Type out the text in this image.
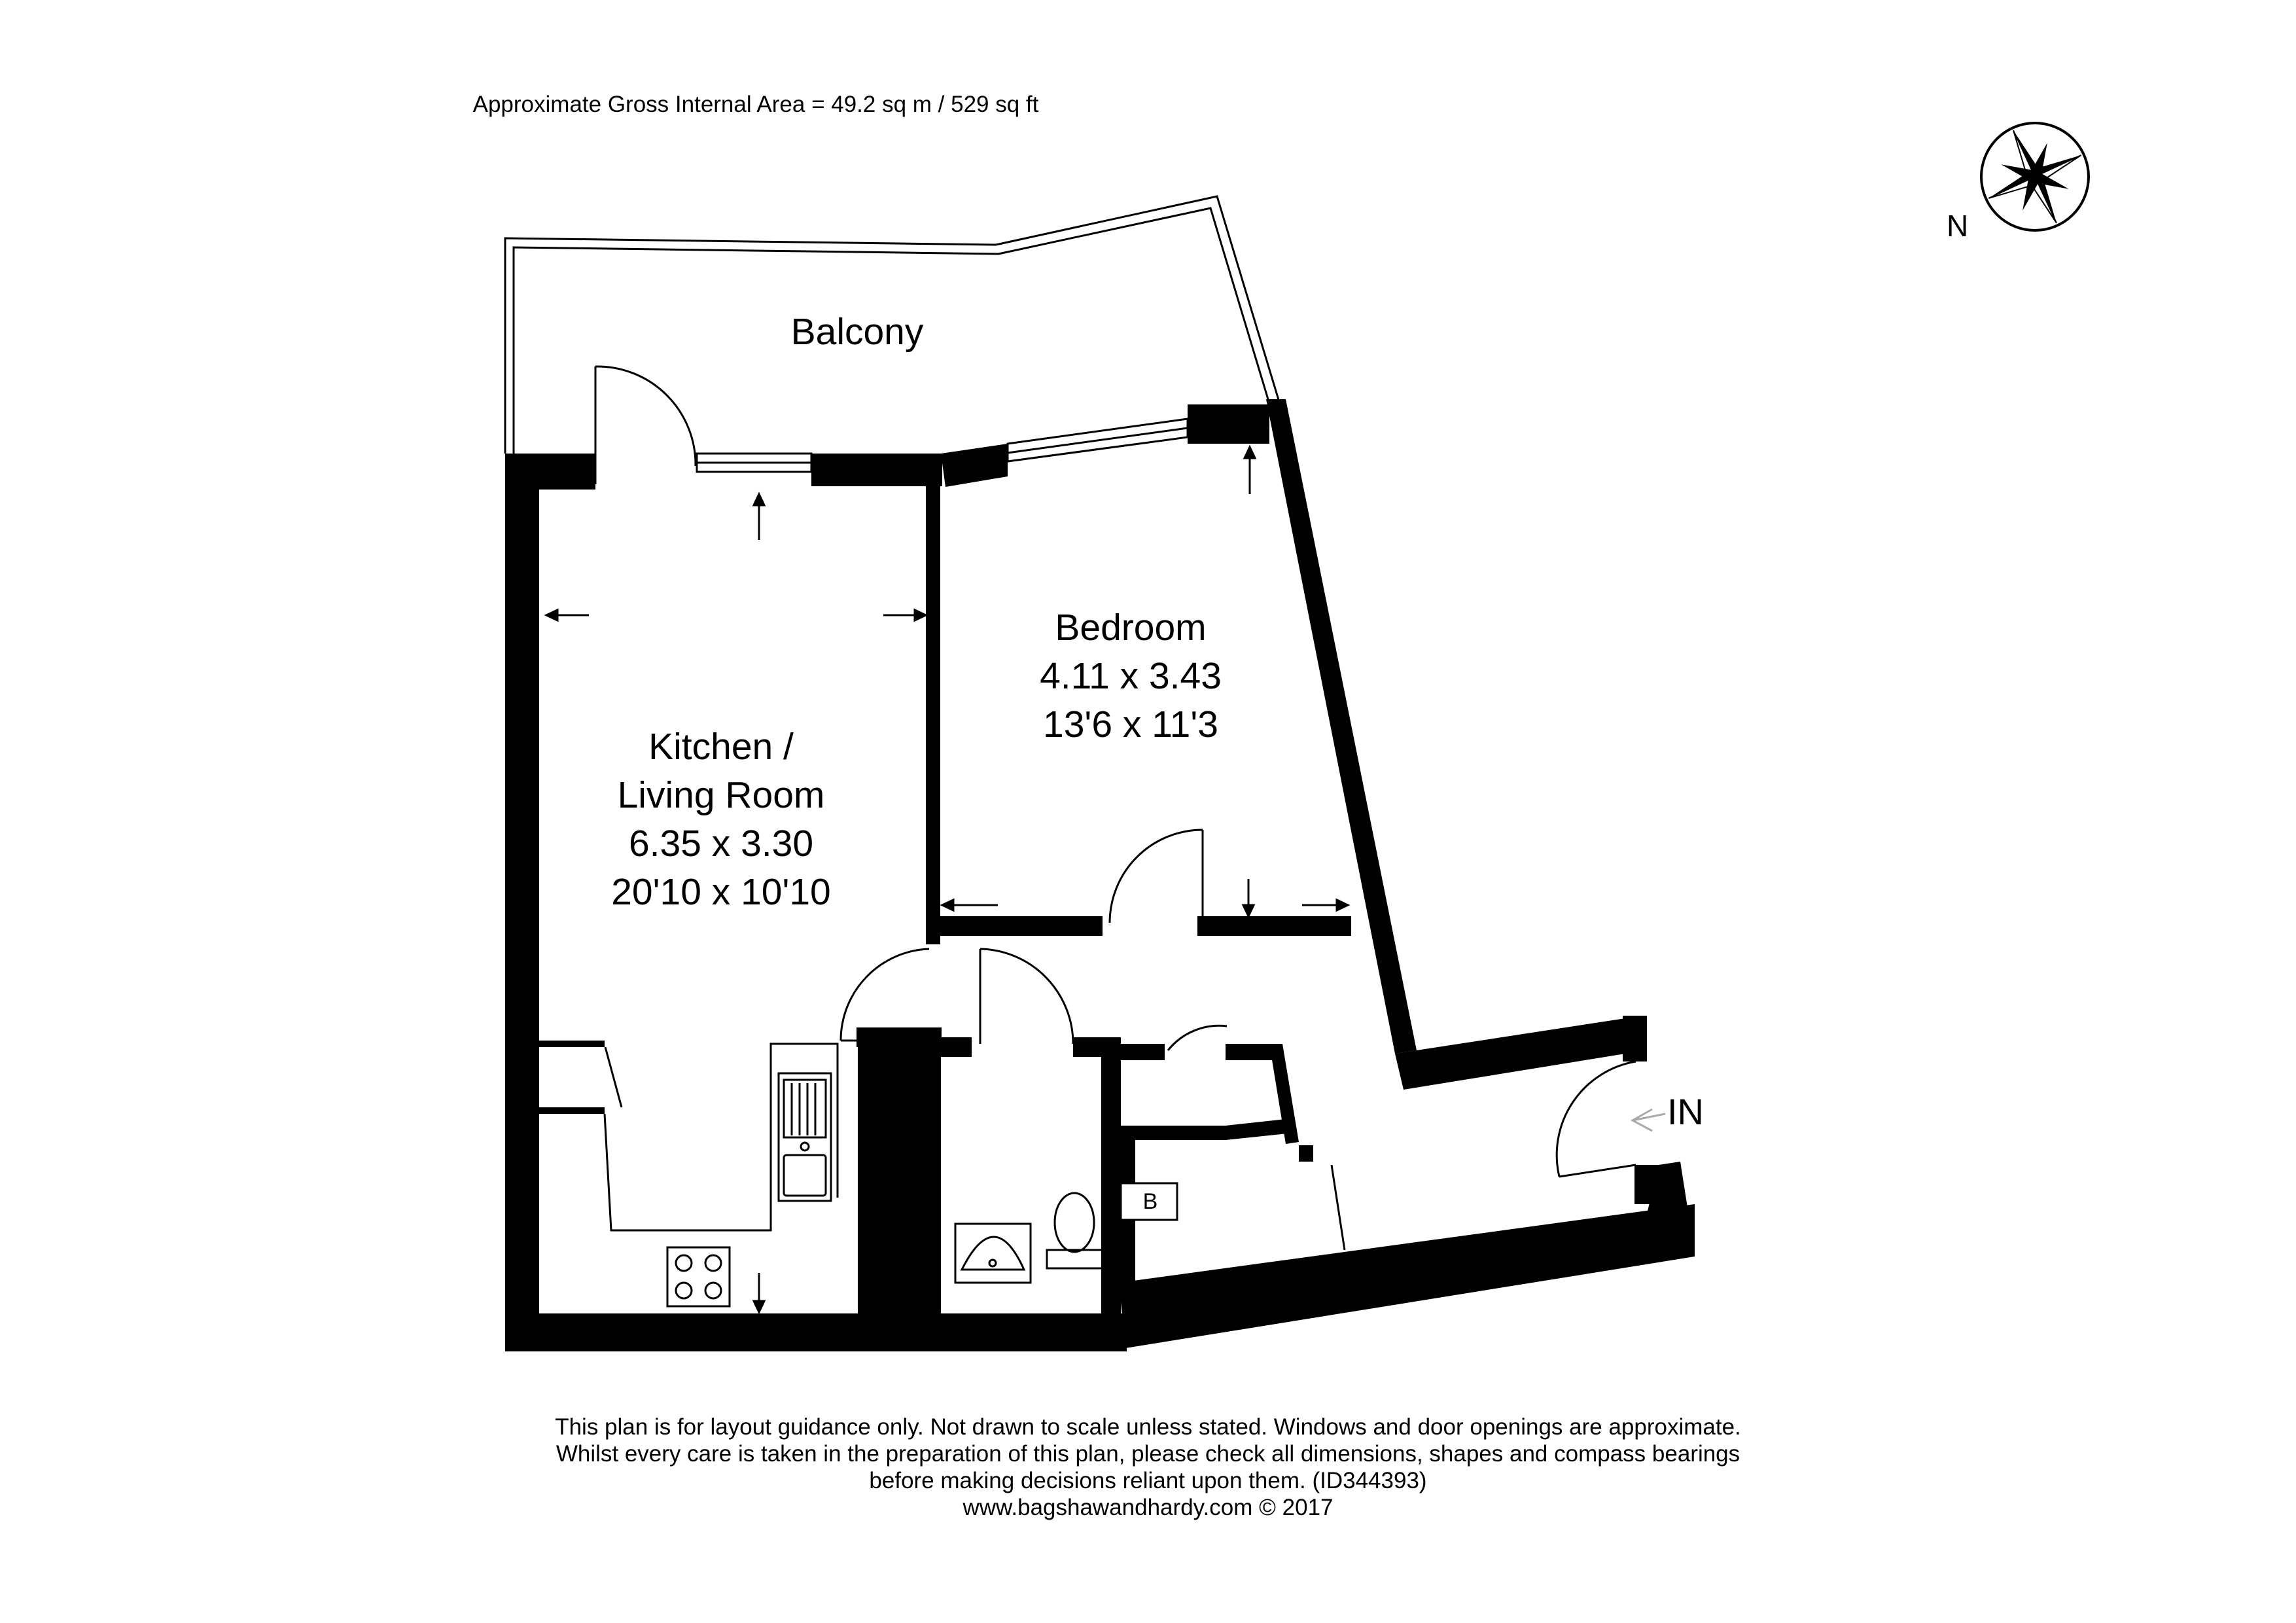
Approximate Gross Internal Area = 49.2 sq m / 529 sq ft
N
Balcony
Bedroom
4.11 x 3.43
13'6 x 11'3
Kitchen /
Living Room
6.35 x 3.30
20'10 x 10'10
IN
B
This plan is for layout guidance only. Not drawn to scale unless stated. Windows and door openings are approximate.
Whilst every care is taken in the preparation of this plan, please check all dimensions, shapes and compass bearings
before making decisions reliant upon them. (ID344393)
www.bagshawandhardy.com © 2017
